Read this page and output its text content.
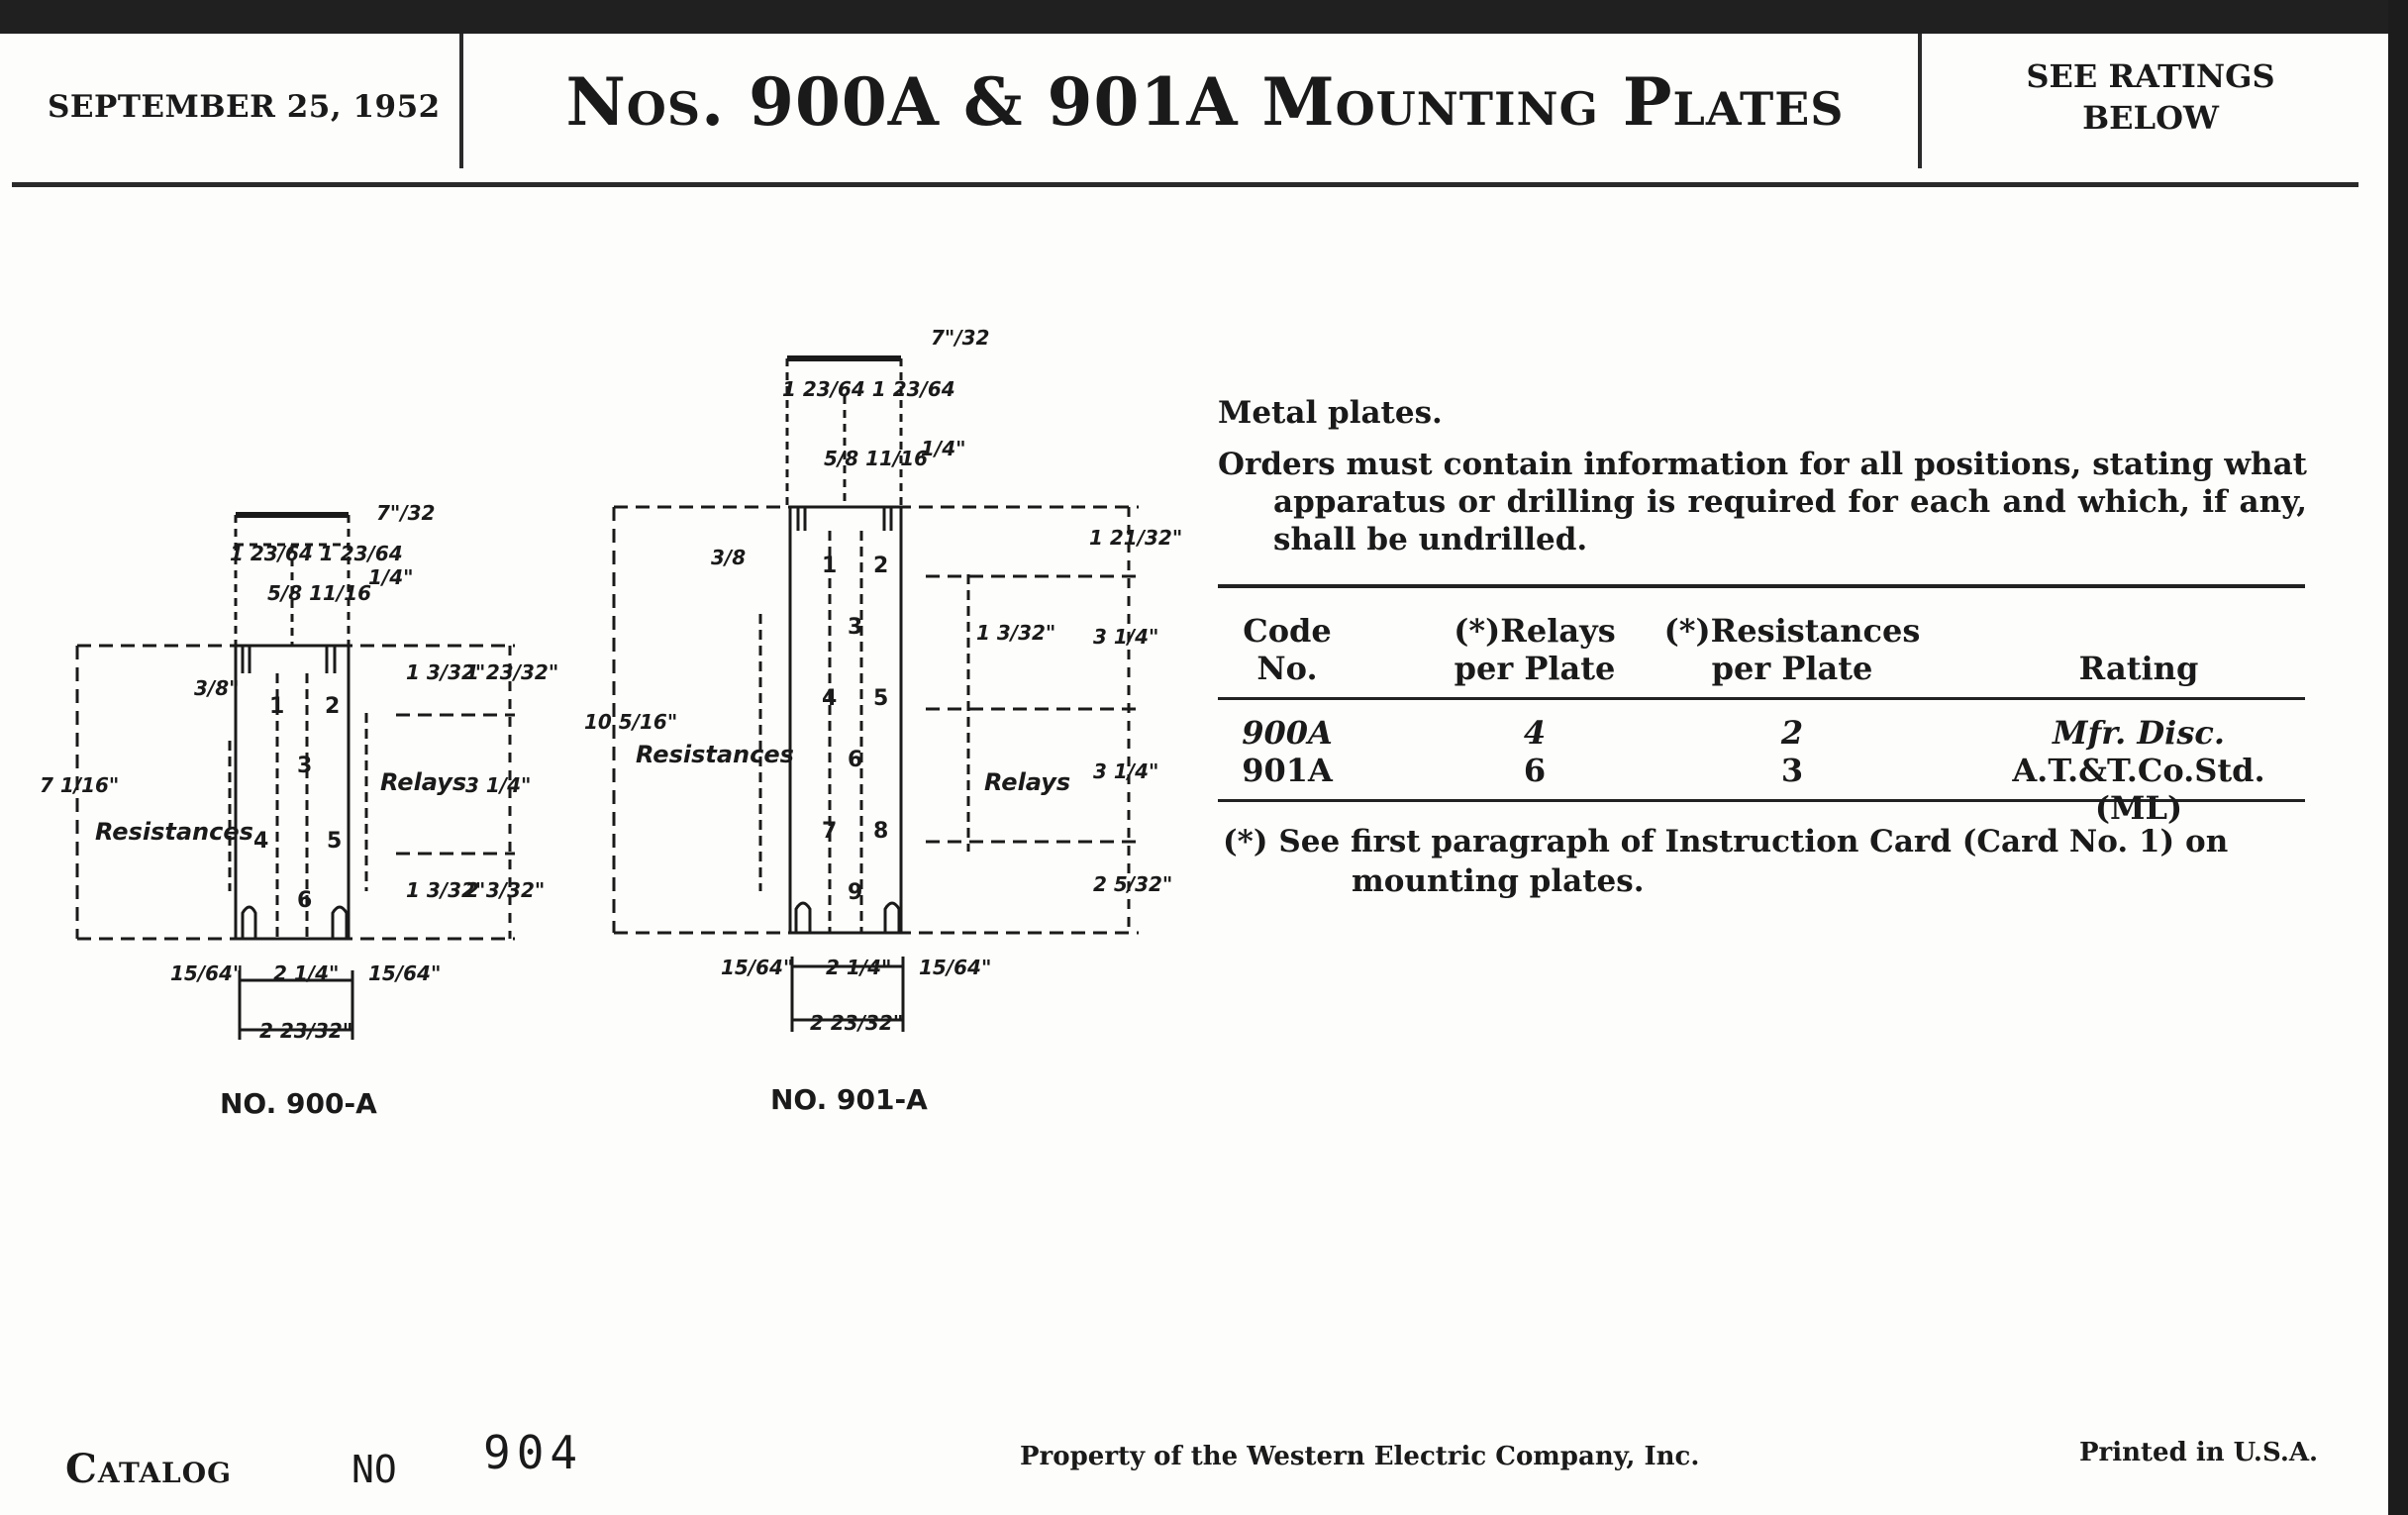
SEPTEMBER 25, 1952	Nos. 900A & 901A Mounting Plates	SEE RATINGS
BELOW
1 2
3
4	5
6
1 2
3
4 5
6
7 8
9
7"/32
1 23/64 1 23/64
5/8 11/16
1/4"
3/8"
7 1/16"
1 3/32"
1 23/32"
3 1/4"
1 3/32"
2 3/32"
15/64" 2 1/4" 15/64"
2 23/32"
7"/32
1 23/64 1 23/64
5/8 11/16
1/4"
3/8
10 5/16"
1 21/32"
1 3/32" 3 1/4"
3 1/4"
2 5/32"
15/64" 2 1/4" 15/64"
2 23/32"
Resistances
Relays
Resistances
Relays
NO. 900-A	NO. 901-A

Metal plates.

Orders must contain information for all positions, stating what apparatus or drilling is required for each and which, if any, shall be undrilled.

Code
No.
(*)Relays
per Plate
(*)Resistances
per Plate	Rating
900A	4	2	Mfr. Disc.
901A	6	3	A.T.&T.Co.Std. (ML)
(*) See first paragraph of Instruction Card (Card No. 1) on
mounting plates.
Catalog	NO 904	Property of the Western Electric Company, Inc.	Printed in U.S.A.
